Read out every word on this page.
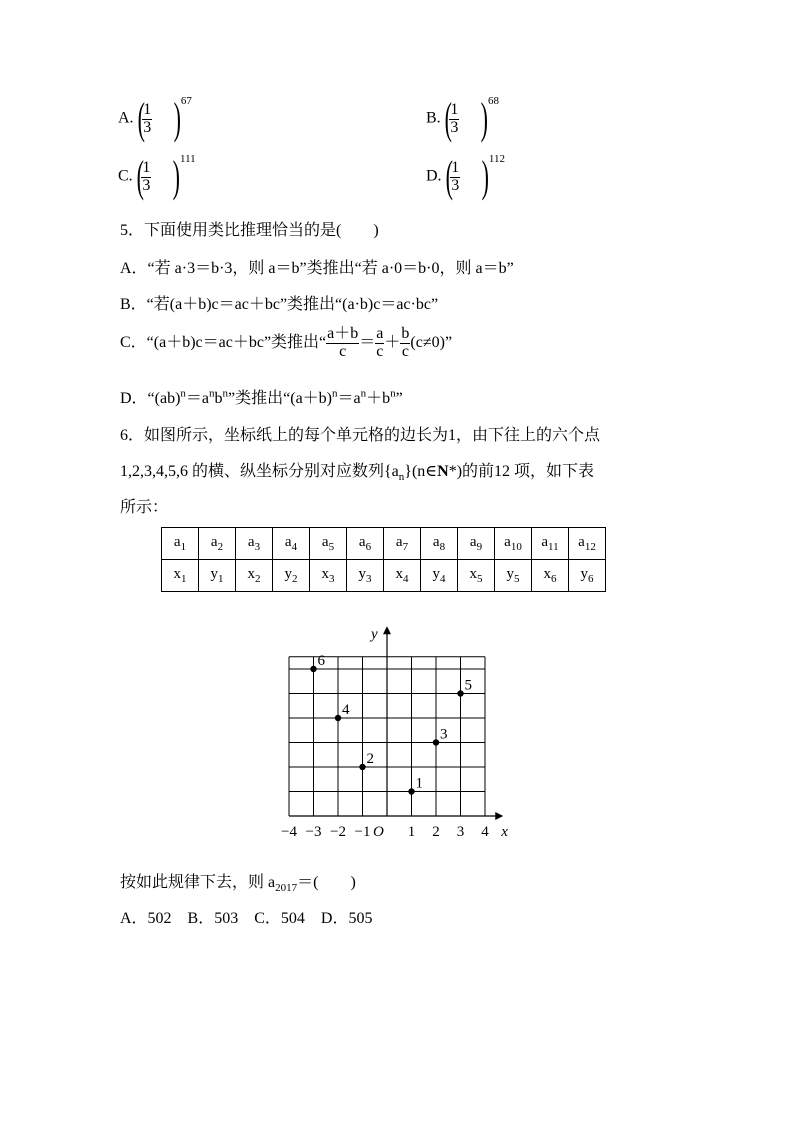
A.(
$\frac{1}{3} )67$
B.(
$\frac{1}{3} )68$
C.(
$\frac{1}{3} )111$
D.(
$\frac{1}{3} )112$
5．下面使用类比推理恰当的是(　　)
A．“若 a·3＝b·3，则 a＝b”类推出“若 a·0＝b·0，则 a＝b”
B．“若(a＋b)c＝ac＋bc”类推出“(a·b)c＝ac·bc”
C．“(a＋b)c＝ac＋bc”类推出“ $\frac{a+b}{c} = \frac{a}{c} + \frac{b}{c} (c\ne 0)$”
D．“$(ab)^n=a^nb^n$”类推出“$(a+b)^n=a^n+b^n$”
6．如图所示，坐标纸上的每个单元格的边长为1，由下往上的六个点
1,2,3,4,5,6 的横、纵坐标分别对应数列$\{a_n\}(n\in N*)$的前12 项，如下表
所示：
$a_1$	$a_2$	$a_3$	$a_4$	$a_5$	$a_6$	$a_7$	$a_8$	$a_9$	$a_{10}$	$a_{11}$	$a_{12}$
$x_1$	$y_1$	$x_2$	$y_2$	$x_3$	$y_3$	$x_4$	$y_4$	$x_5$	$y_5$	$x_6$	$y_6$
x
y
O
−4 −3 −2 −1 1 2 3 4
1
2
3
4
5
6
按如此规律下去，则 $a_{2017}=$(　　)
A．502　B．503　C．504　D．505
